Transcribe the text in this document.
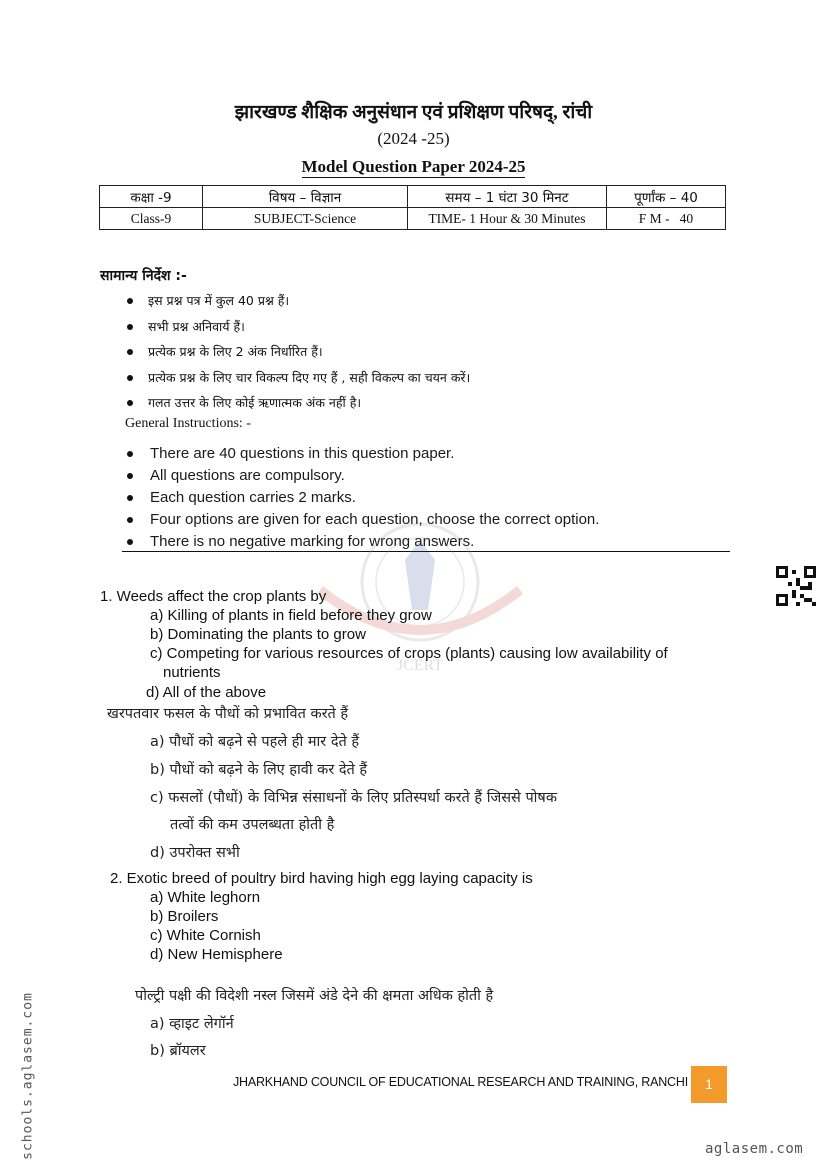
झारखण्ड शैक्षिक अनुसंधान एवं प्रशिक्षण परिषद्, रांची
(2024 -25)
Model Question Paper 2024-25
कक्षा -9	विषय – विज्ञान	समय – 1 घंटा 30 मिनट	पूर्णांक – 40
Class-9	SUBJECT-Science	TIME- 1 Hour & 30 Minutes	F M -   40
सामान्य निर्देश :-
इस प्रश्न पत्र में कुल 40 प्रश्न हैं।
सभी प्रश्न अनिवार्य हैं।
प्रत्येक प्रश्न के लिए 2 अंक निर्धारित हैं।
प्रत्येक प्रश्न के लिए चार विकल्प दिए गए हैं , सही विकल्प का चयन करें।
गलत उत्तर के लिए कोई ऋणात्मक अंक नहीं है।
General Instructions: -
There are 40 questions in this question paper.
All questions are compulsory.
Each question carries 2 marks.
Four options are given for each question, choose the correct option.
There is no negative marking for wrong answers.
JCERT
1. Weeds affect the crop plants by
a) Killing of plants in field before they grow
b) Dominating the plants to grow
c) Competing for various resources of crops (plants) causing low availability of
nutrients
d) All of the above
खरपतवार फसल के पौधों को प्रभावित करते हैं
a) पौधों को बढ़ने से पहले ही मार देते हैं
b) पौधों को बढ़ने के लिए हावी कर देते हैं
c) फसलों (पौधों) के विभिन्न संसाधनों के लिए प्रतिस्पर्धा करते हैं जिससे पोषक
तत्वों की कम उपलब्धता होती है
d) उपरोक्त सभी
2. Exotic breed of poultry bird having high egg laying capacity is
a) White leghorn
b) Broilers
c) White Cornish
d) New Hemisphere
पोल्ट्री पक्षी की विदेशी नस्ल जिसमें अंडे देने की क्षमता अधिक होती है
a) व्हाइट लेगॉर्न
b) ब्रॉयलर
JHARKHAND COUNCIL OF EDUCATIONAL RESEARCH AND TRAINING, RANCHI	1
schools.aglasem.com	aglasem.com
